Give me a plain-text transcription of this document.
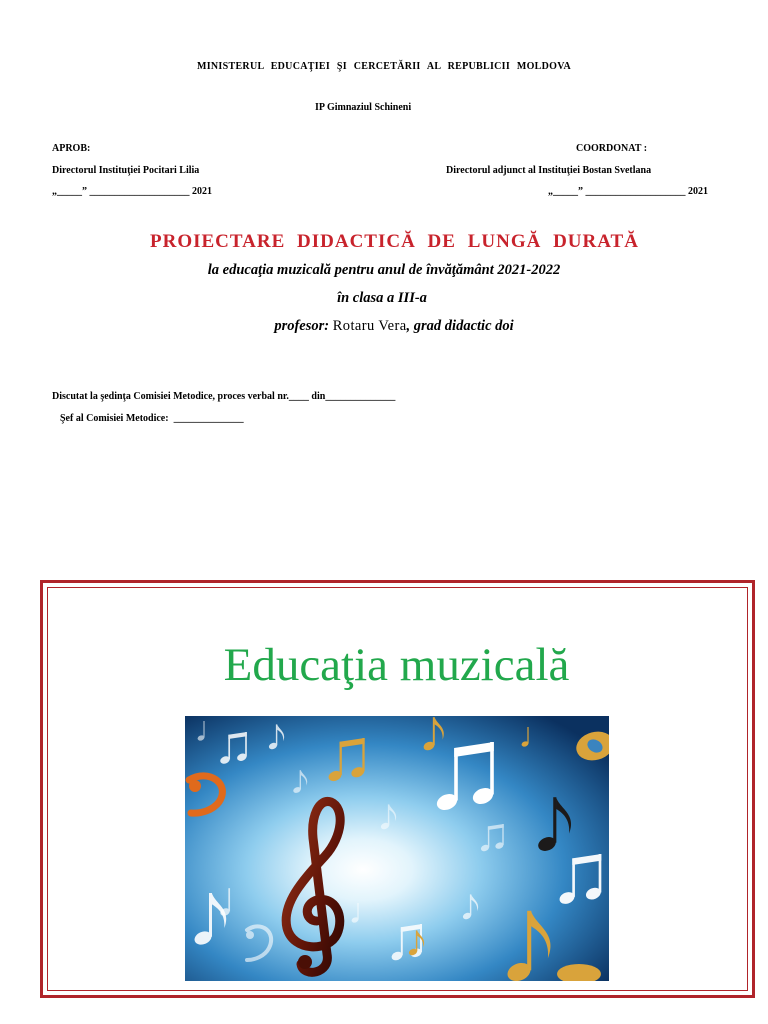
MINISTERUL EDUCAŢIEI ŞI CERCETĂRII AL REPUBLICII MOLDOVA
IP Gimnaziul Schineni
APROB:	COORDONAT :
Directorul Instituţiei Pocitari Lilia	Directorul adjunct al Instituţiei Bostan Svetlana
„_____” ____________________ 2021	„_____” ____________________ 2021
PROIECTARE DIDACTICĂ DE LUNGĂ DURATĂ
la educaţia muzicală pentru anul de învăţământ 2021-2022
în clasa a III-a
profesor: Rotaru Vera, grad didactic doi
Discutat la şedinţa Comisiei Metodice, proces verbal nr.____ din______________
Şef al Comisiei Metodice:  ______________
Educaţia muzicală
